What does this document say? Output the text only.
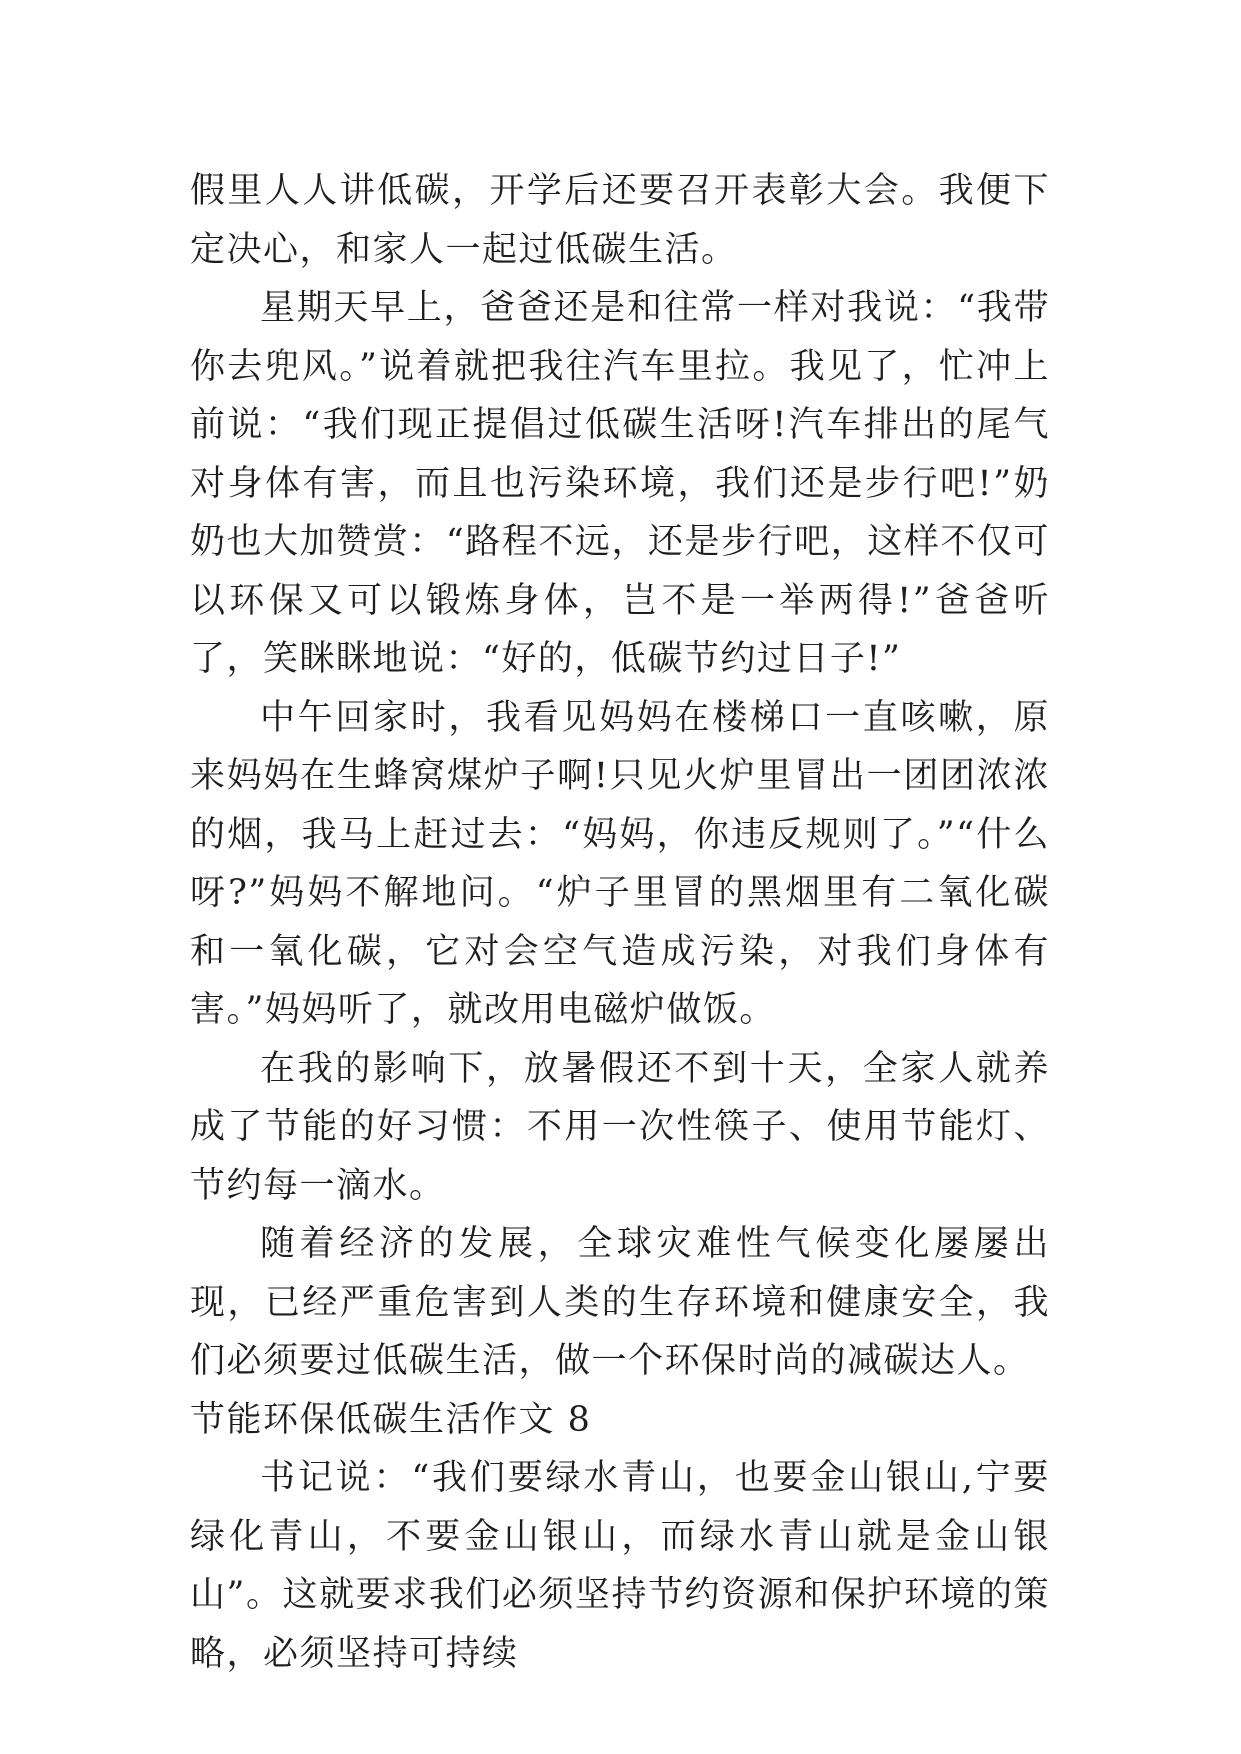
假里人人讲低碳，开学后还要召开表彰大会。我便下定决心，和家人一起过低碳生活。

星期天早上，爸爸还是和往常一样对我说：“我带你去兜风。”说着就把我往汽车里拉。我见了，忙冲上前说：“我们现正提倡过低碳生活呀!汽车排出的尾气对身体有害，而且也污染环境，我们还是步行吧!”奶奶也大加赞赏：“路程不远，还是步行吧，这样不仅可以环保又可以锻炼身体，岂不是一举两得!”爸爸听了，笑眯眯地说：“好的，低碳节约过日子!”

中午回家时，我看见妈妈在楼梯口一直咳嗽，原来妈妈在生蜂窝煤炉子啊!只见火炉里冒出一团团浓浓的烟，我马上赶过去：“妈妈，你违反规则了。”“什么呀?”妈妈不解地问。“炉子里冒的黑烟里有二氧化碳和一氧化碳，它对会空气造成污染，对我们身体有害。”妈妈听了，就改用电磁炉做饭。

在我的影响下，放暑假还不到十天，全家人就养成了节能的好习惯：不用一次性筷子、使用节能灯、节约每一滴水。

随着经济的发展，全球灾难性气候变化屡屡出现，已经严重危害到人类的生存环境和健康安全，我们必须要过低碳生活，做一个环保时尚的减碳达人。

节能环保低碳生活作文 8

书记说：“我们要绿水青山，也要金山银山,宁要绿化青山，不要金山银山，而绿水青山就是金山银山”。这就要求我们必须坚持节约资源和保护环境的策略，必须坚持可持续
